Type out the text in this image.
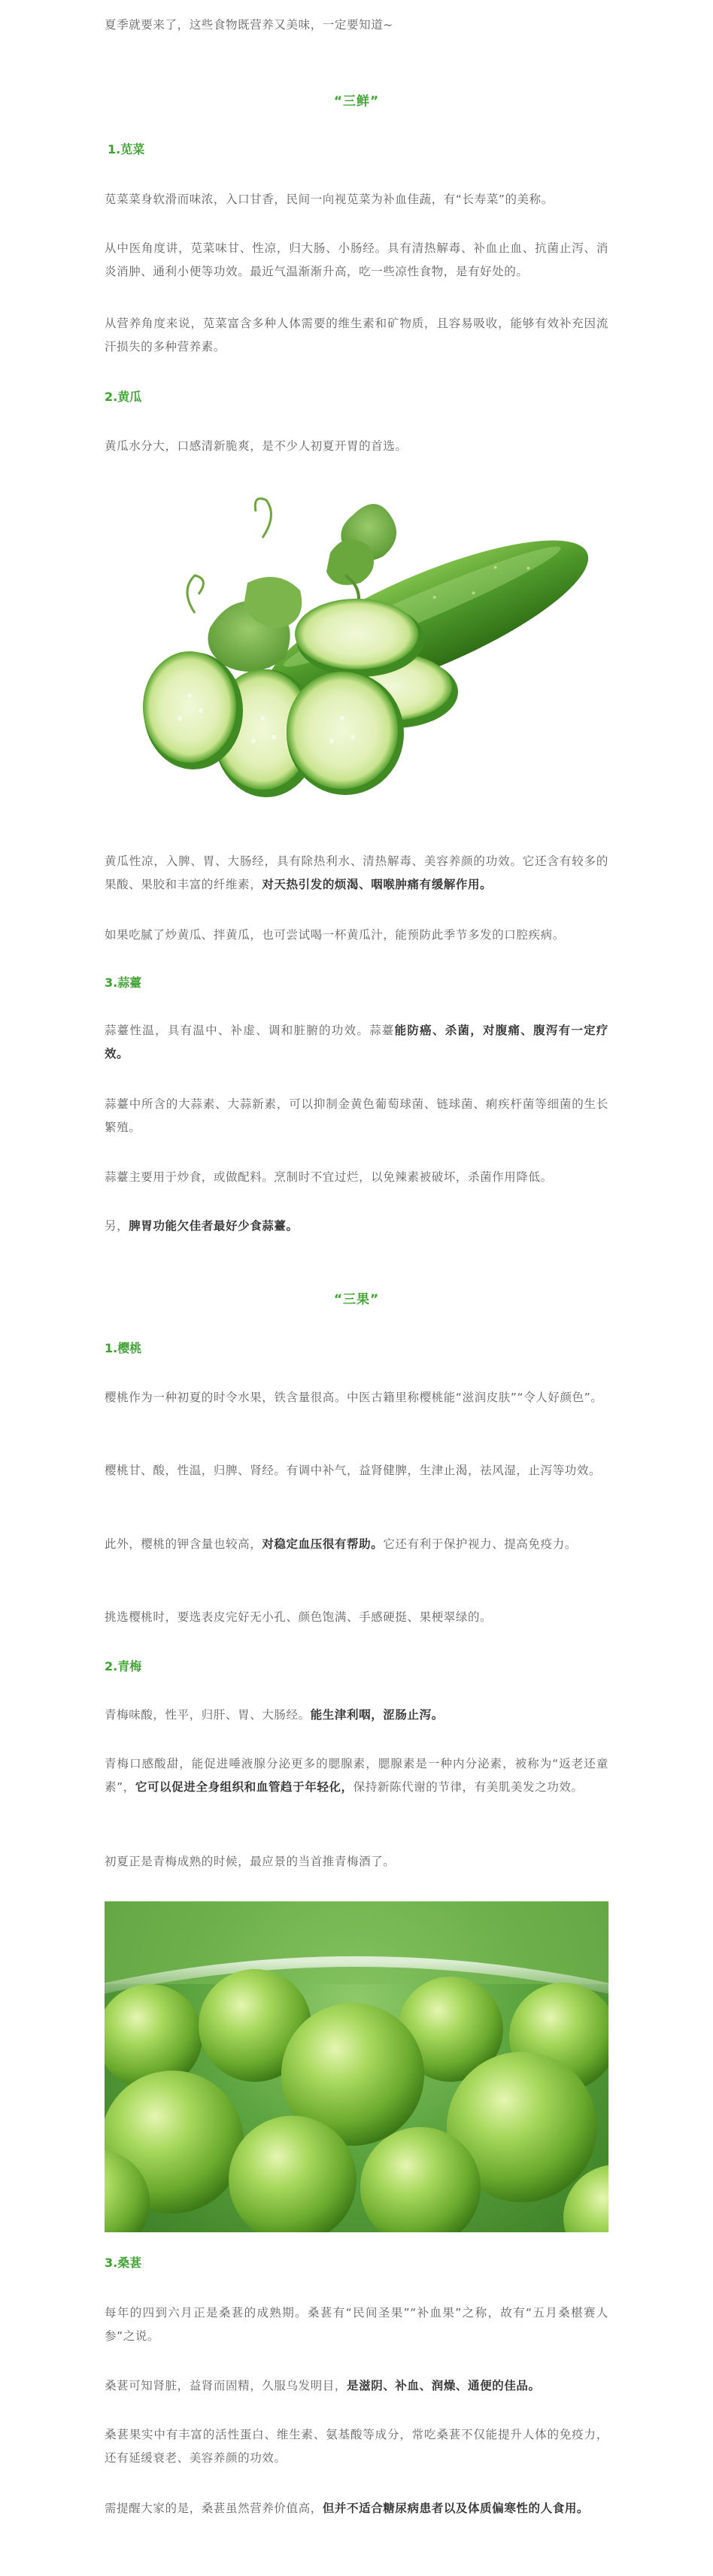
夏季就要来了，这些食物既营养又美味，一定要知道~

“三鲜”
1.苋菜

苋菜菜身软滑而味浓，入口甘香，民间一向视苋菜为补血佳蔬，有“长寿菜”的美称。

从中医角度讲，苋菜味甘、性凉，归大肠、小肠经。具有清热解毒、补血止血、抗菌止泻、消炎消肿、通利小便等功效。最近气温渐渐升高，吃一些凉性食物，是有好处的。

从营养角度来说，苋菜富含多种人体需要的维生素和矿物质，且容易吸收，能够有效补充因流汗损失的多种营养素。

2.黄瓜

黄瓜水分大，口感清新脆爽，是不少人初夏开胃的首选。

黄瓜性凉，入脾、胃、大肠经，具有除热利水、清热解毒、美容养颜的功效。它还含有较多的果酸、果胶和丰富的纤维素，对天热引发的烦渴、咽喉肿痛有缓解作用。

如果吃腻了炒黄瓜、拌黄瓜，也可尝试喝一杯黄瓜汁，能预防此季节多发的口腔疾病。

3.蒜薹

蒜薹性温，具有温中、补虚、调和脏腑的功效。蒜薹能防癌、杀菌，对腹痛、腹泻有一定疗效。

蒜薹中所含的大蒜素、大蒜新素，可以抑制金黄色葡萄球菌、链球菌、痢疾杆菌等细菌的生长繁殖。

蒜薹主要用于炒食，或做配料。烹制时不宜过烂，以免辣素被破坏，杀菌作用降低。

另，脾胃功能欠佳者最好少食蒜薹。

“三果”
1.樱桃

樱桃作为一种初夏的时令水果，铁含量很高。中医古籍里称樱桃能“滋润皮肤”“令人好颜色”。

樱桃甘、酸，性温，归脾、肾经。有调中补气，益肾健脾，生津止渴，祛风湿，止泻等功效。

此外，樱桃的钾含量也较高，对稳定血压很有帮助。它还有利于保护视力、提高免疫力。

挑选樱桃时，要选表皮完好无小孔、颜色饱满、手感硬挺、果梗翠绿的。

2.青梅

青梅味酸，性平，归肝、胃、大肠经。能生津利咽，涩肠止泻。

青梅口感酸甜，能促进唾液腺分泌更多的腮腺素，腮腺素是一种内分泌素，被称为“返老还童素”，它可以促进全身组织和血管趋于年轻化，保持新陈代谢的节律，有美肌美发之功效。

初夏正是青梅成熟的时候，最应景的当首推青梅酒了。

3.桑葚

每年的四到六月正是桑葚的成熟期。桑葚有“民间圣果”“补血果”之称，故有“五月桑椹赛人参”之说。

桑葚可知肾脏，益肾而固精，久服乌发明目，是滋阴、补血、润燥、通便的佳品。

桑葚果实中有丰富的活性蛋白、维生素、氨基酸等成分，常吃桑葚不仅能提升人体的免疫力，还有延缓衰老、美容养颜的功效。

需提醒大家的是，桑葚虽然营养价值高，但并不适合糖尿病患者以及体质偏寒性的人食用。
